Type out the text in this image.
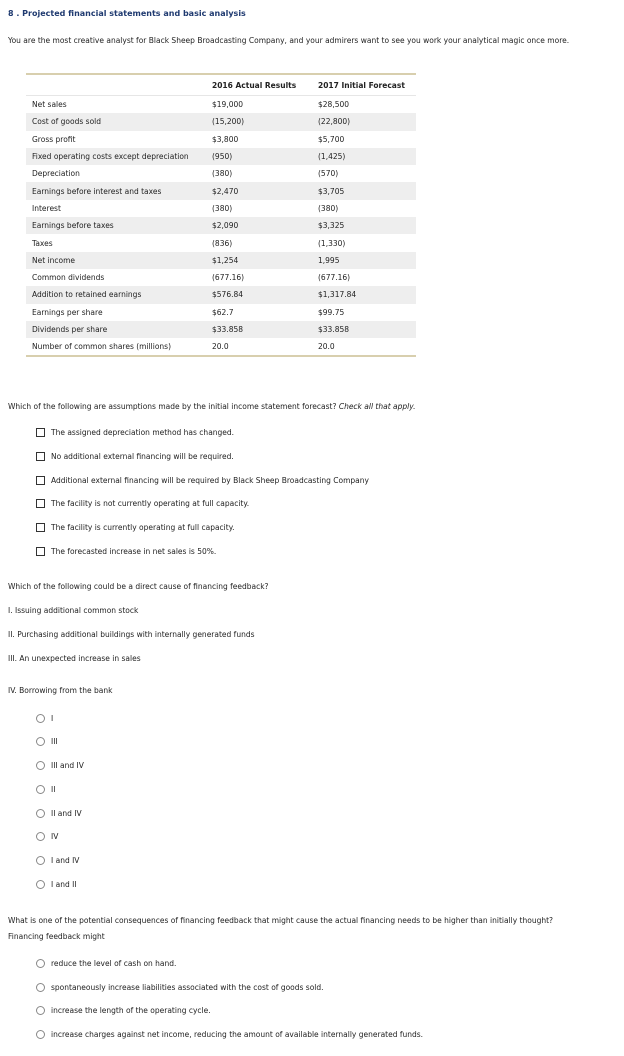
8 . Projected financial statements and basic analysis
You are the most creative analyst for Black Sheep Broadcasting Company, and your admirers want to see you work your analytical magic once more.
2016 Actual Results	2017 Initial Forecast
Net sales	$19,000	$28,500
Cost of goods sold	(15,200)	(22,800)
Gross profit	$3,800	$5,700
Fixed operating costs except depreciation	(950)	(1,425)
Depreciation	(380)	(570)
Earnings before interest and taxes	$2,470	$3,705
Interest	(380)	(380)
Earnings before taxes	$2,090	$3,325
Taxes	(836)	(1,330)
Net income	$1,254	1,995
Common dividends	(677.16)	(677.16)
Addition to retained earnings	$576.84	$1,317.84
Earnings per share	$62.7	$99.75
Dividends per share	$33.858	$33.858
Number of common shares (millions)	20.0	20.0
Which of the following are assumptions made by the initial income statement forecast? Check all that apply.
The assigned depreciation method has changed.
No additional external financing will be required.
Additional external financing will be required by Black Sheep Broadcasting Company
The facility is not currently operating at full capacity.
The facility is currently operating at full capacity.
The forecasted increase in net sales is 50%.
Which of the following could be a direct cause of financing feedback?
I. Issuing additional common stock
II. Purchasing additional buildings with internally generated funds
III. An unexpected increase in sales
IV. Borrowing from the bank
I
III
III and IV
II
II and IV
IV
I and IV
I and II
What is one of the potential consequences of financing feedback that might cause the actual financing needs to be higher than initially thought?
Financing feedback might
reduce the level of cash on hand.
spontaneously increase liabilities associated with the cost of goods sold.
increase the length of the operating cycle.
increase charges against net income, reducing the amount of available internally generated funds.
